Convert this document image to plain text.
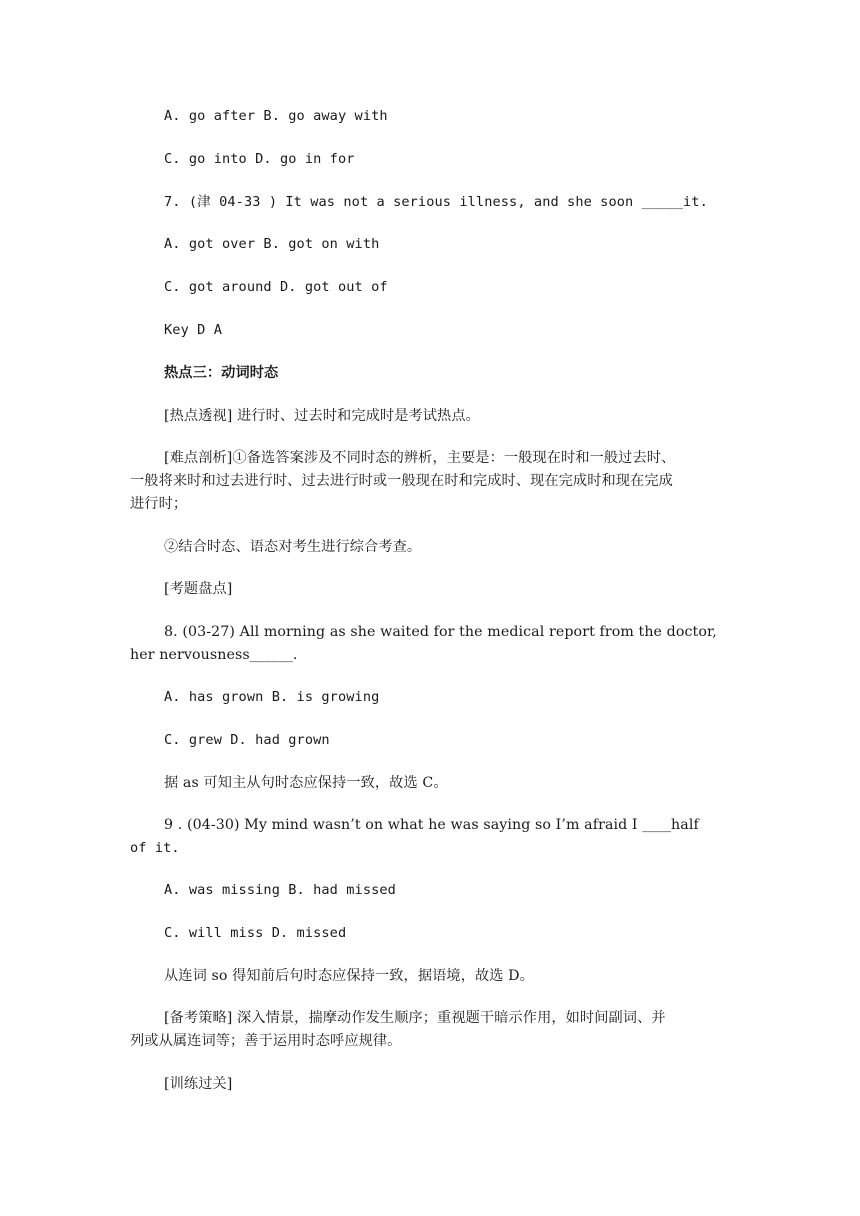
A. go after B. go away with
C. go into D. go in for
7. (津 04-33 ) It was not a serious illness, and she soon _____it.
A. got over B. got on with
C. got around D. got out of
Key D A
热点三：动词时态
[热点透视] 进行时、过去时和完成时是考试热点。
[难点剖析]①备选答案涉及不同时态的辨析，主要是：一般现在时和一般过去时、
一般将来时和过去进行时、过去进行时或一般现在时和完成时、现在完成时和现在完成
进行时；
②结合时态、语态对考生进行综合考查。
[考题盘点]
8. (03-27) All morning as she waited for the medical report from the doctor,
her nervousness______.
A. has grown B. is growing
C. grew D. had grown
据 as 可知主从句时态应保持一致，故选 C。
9 . (04-30) My mind wasn’t on what he was saying so I’m afraid I ____half
of it.
A. was missing B. had missed
C. will miss D. missed
从连词 so 得知前后句时态应保持一致，据语境，故选 D。
[备考策略] 深入情景，揣摩动作发生顺序；重视题干暗示作用，如时间副词、并
列或从属连词等；善于运用时态呼应规律。
[训练过关]
